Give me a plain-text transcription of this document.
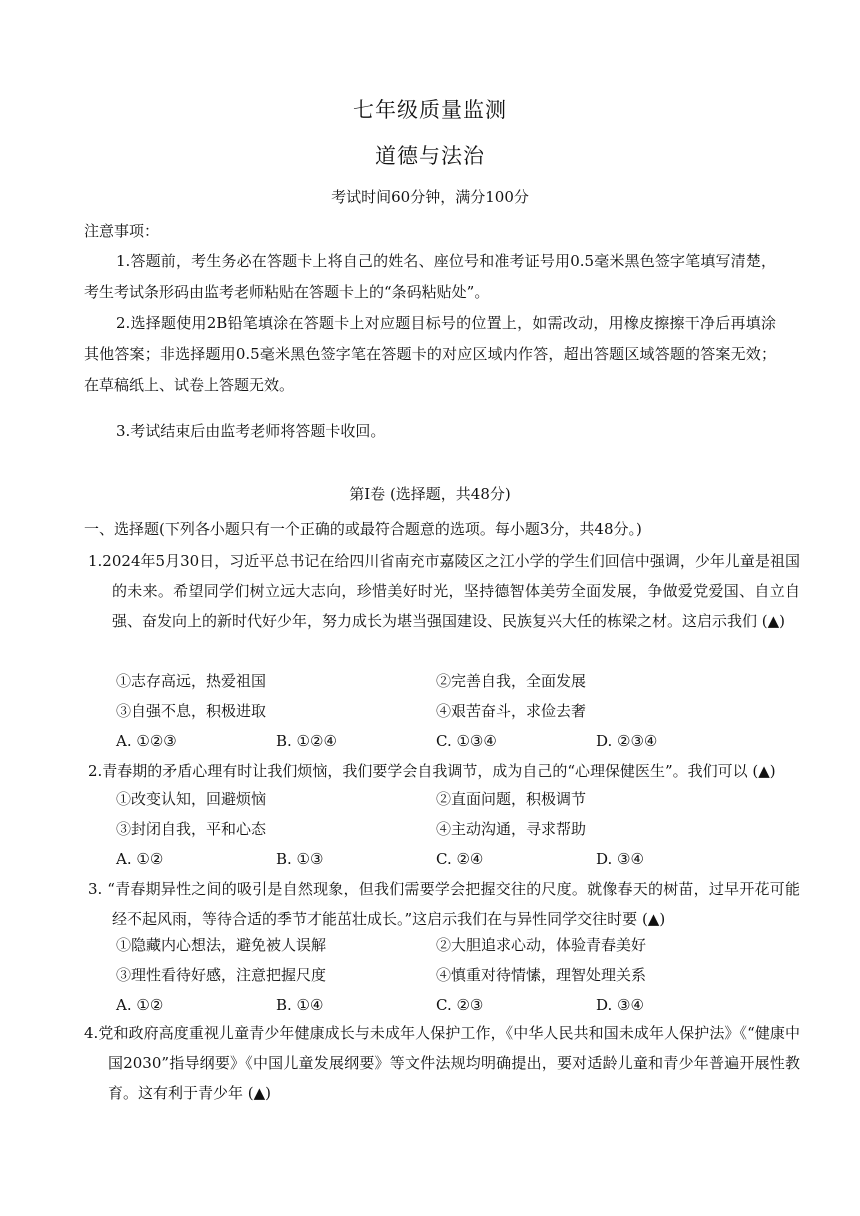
七年级质量监测
道德与法治
考试时间60分钟，满分100分
注意事项：
1.答题前，考生务必在答题卡上将自己的姓名、座位号和准考证号用0.5毫米黑色签字笔填写清楚，考生考试条形码由监考老师粘贴在答题卡上的“条码粘贴处”。
2.选择题使用2B铅笔填涂在答题卡上对应题目标号的位置上，如需改动，用橡皮擦擦干净后再填涂其他答案；非选择题用0.5毫米黑色签字笔在答题卡的对应区域内作答，超出答题区域答题的答案无效；在草稿纸上、试卷上答题无效。
3.考试结束后由监考老师将答题卡收回。
第Ⅰ卷 (选择题，共48分)
一、选择题(下列各小题只有一个正确的或最符合题意的选项。每小题3分，共48分。)
1.2024年5月30日，习近平总书记在给四川省南充市嘉陵区之江小学的学生们回信中强调，少年儿童是祖国的未来。希望同学们树立远大志向，珍惜美好时光，坚持德智体美劳全面发展，争做爱党爱国、自立自强、奋发向上的新时代好少年，努力成长为堪当强国建设、民族复兴大任的栋梁之材。这启示我们 (▲)
①志存高远，热爱祖国	②完善自我，全面发展
③自强不息，积极进取	④艰苦奋斗，求俭去奢
A. ①②③	B. ①②④	C. ①③④	D. ②③④
2.青春期的矛盾心理有时让我们烦恼，我们要学会自我调节，成为自己的“心理保健医生”。我们可以 (▲)
①改变认知，回避烦恼	②直面问题，积极调节
③封闭自我，平和心态	④主动沟通，寻求帮助
A. ①②	B. ①③	C. ②④	D. ③④
3. “青春期异性之间的吸引是自然现象，但我们需要学会把握交往的尺度。就像春天的树苗，过早开花可能经不起风雨，等待合适的季节才能茁壮成长。”这启示我们在与异性同学交往时要 (▲)
①隐藏内心想法，避免被人误解	②大胆追求心动，体验青春美好
③理性看待好感，注意把握尺度	④慎重对待情愫，理智处理关系
A. ①②	B. ①④	C. ②③	D. ③④
4.党和政府高度重视儿童青少年健康成长与未成年人保护工作，《中华人民共和国未成年人保护法》《“健康中国2030”指导纲要》《中国儿童发展纲要》等文件法规均明确提出，要对适龄儿童和青少年普遍开展性教育。这有利于青少年 (▲)
